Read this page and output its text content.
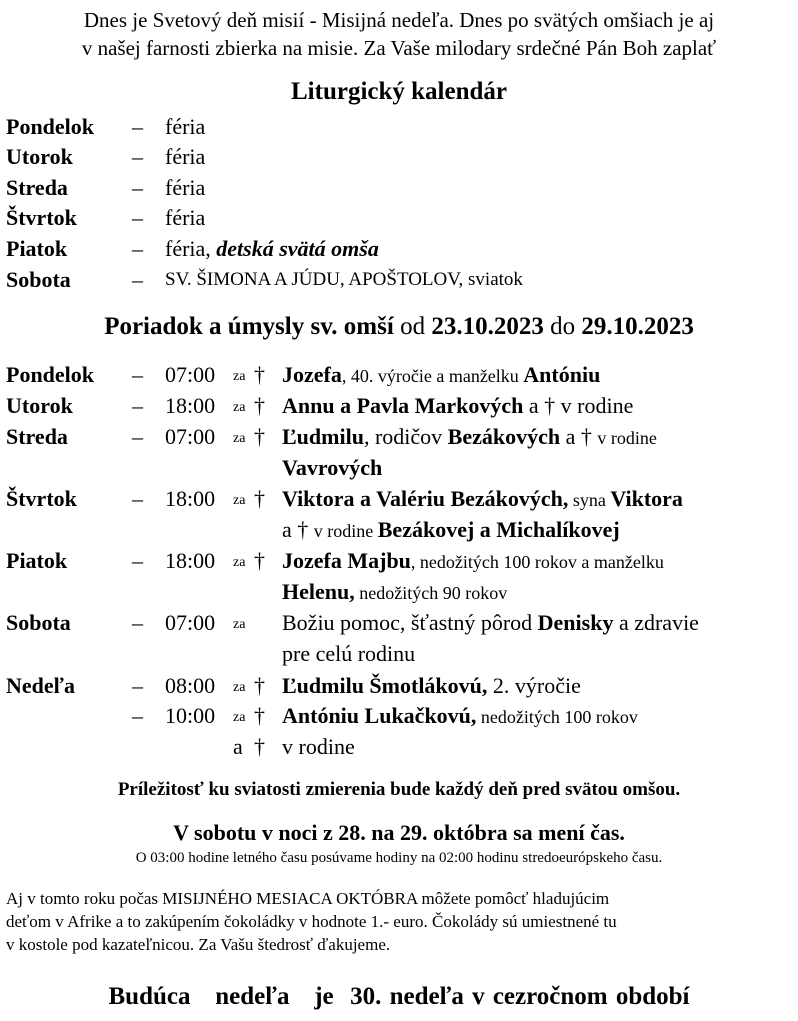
Dnes je Svetový deň misií - Misijná nedeľa. Dnes po svätých omšiach je aj
v našej farnosti zbierka na misie. Za Vaše milodary srdečné Pán Boh zaplať
Liturgický kalendár
Pondelok – féria
Utorok	– féria
Streda	– féria
Štvrtok	– féria
Piatok	– féria, detská svätá omša
Sobota	– SV. ŠIMONA A JÚDU, APOŠTOLOV, sviatok
Poriadok a úmysly sv. omší od 23.10.2023 do 29.10.2023
Pondelok – 07:00 za † Jozefa, 40. výročie a manželku Antóniu
Utorok	– 18:00 za † Annu a Pavla Markových a † v rodine
Streda	– 07:00 za † Ľudmilu, rodičov Bezákových a † v rodine
Vavrových
Štvrtok	– 18:00 za † Viktora a Valériu Bezákových, syna Viktora
a † v rodine Bezákovej a Michalíkovej
Piatok	– 18:00 za † Jozefa Majbu, nedožitých 100 rokov a manželku
Helenu, nedožitých 90 rokov
Sobota	– 07:00 za Božiu pomoc, šťastný pôrod Denisky a zdravie
pre celú rodinu
Nedeľa	– 08:00 za † Ľudmilu Šmotlákovú, 2. výročie
– 10:00 za † Antóniu Lukačkovú, nedožitých 100 rokov
a † v rodine
Príležitosť ku sviatosti zmierenia bude každý deň pred svätou omšou.
V sobotu v noci z 28. na 29. októbra sa mení čas.
O 03:00 hodine letného času posúvame hodiny na 02:00 hodinu stredoeurópskeho času.
Aj v tomto roku počas MISIJNÉHO MESIACA OKTÓBRA môžete pomôcť hladujúcim
deťom v Afrike a to zakúpením čokoládky v hodnote 1.- euro. Čokolády sú umiestnené tu
v kostole pod kazateľnicou. Za Vašu štedrosť ďakujeme.
Budúca nedeľa je 30. nedeľa v cezročnom období
